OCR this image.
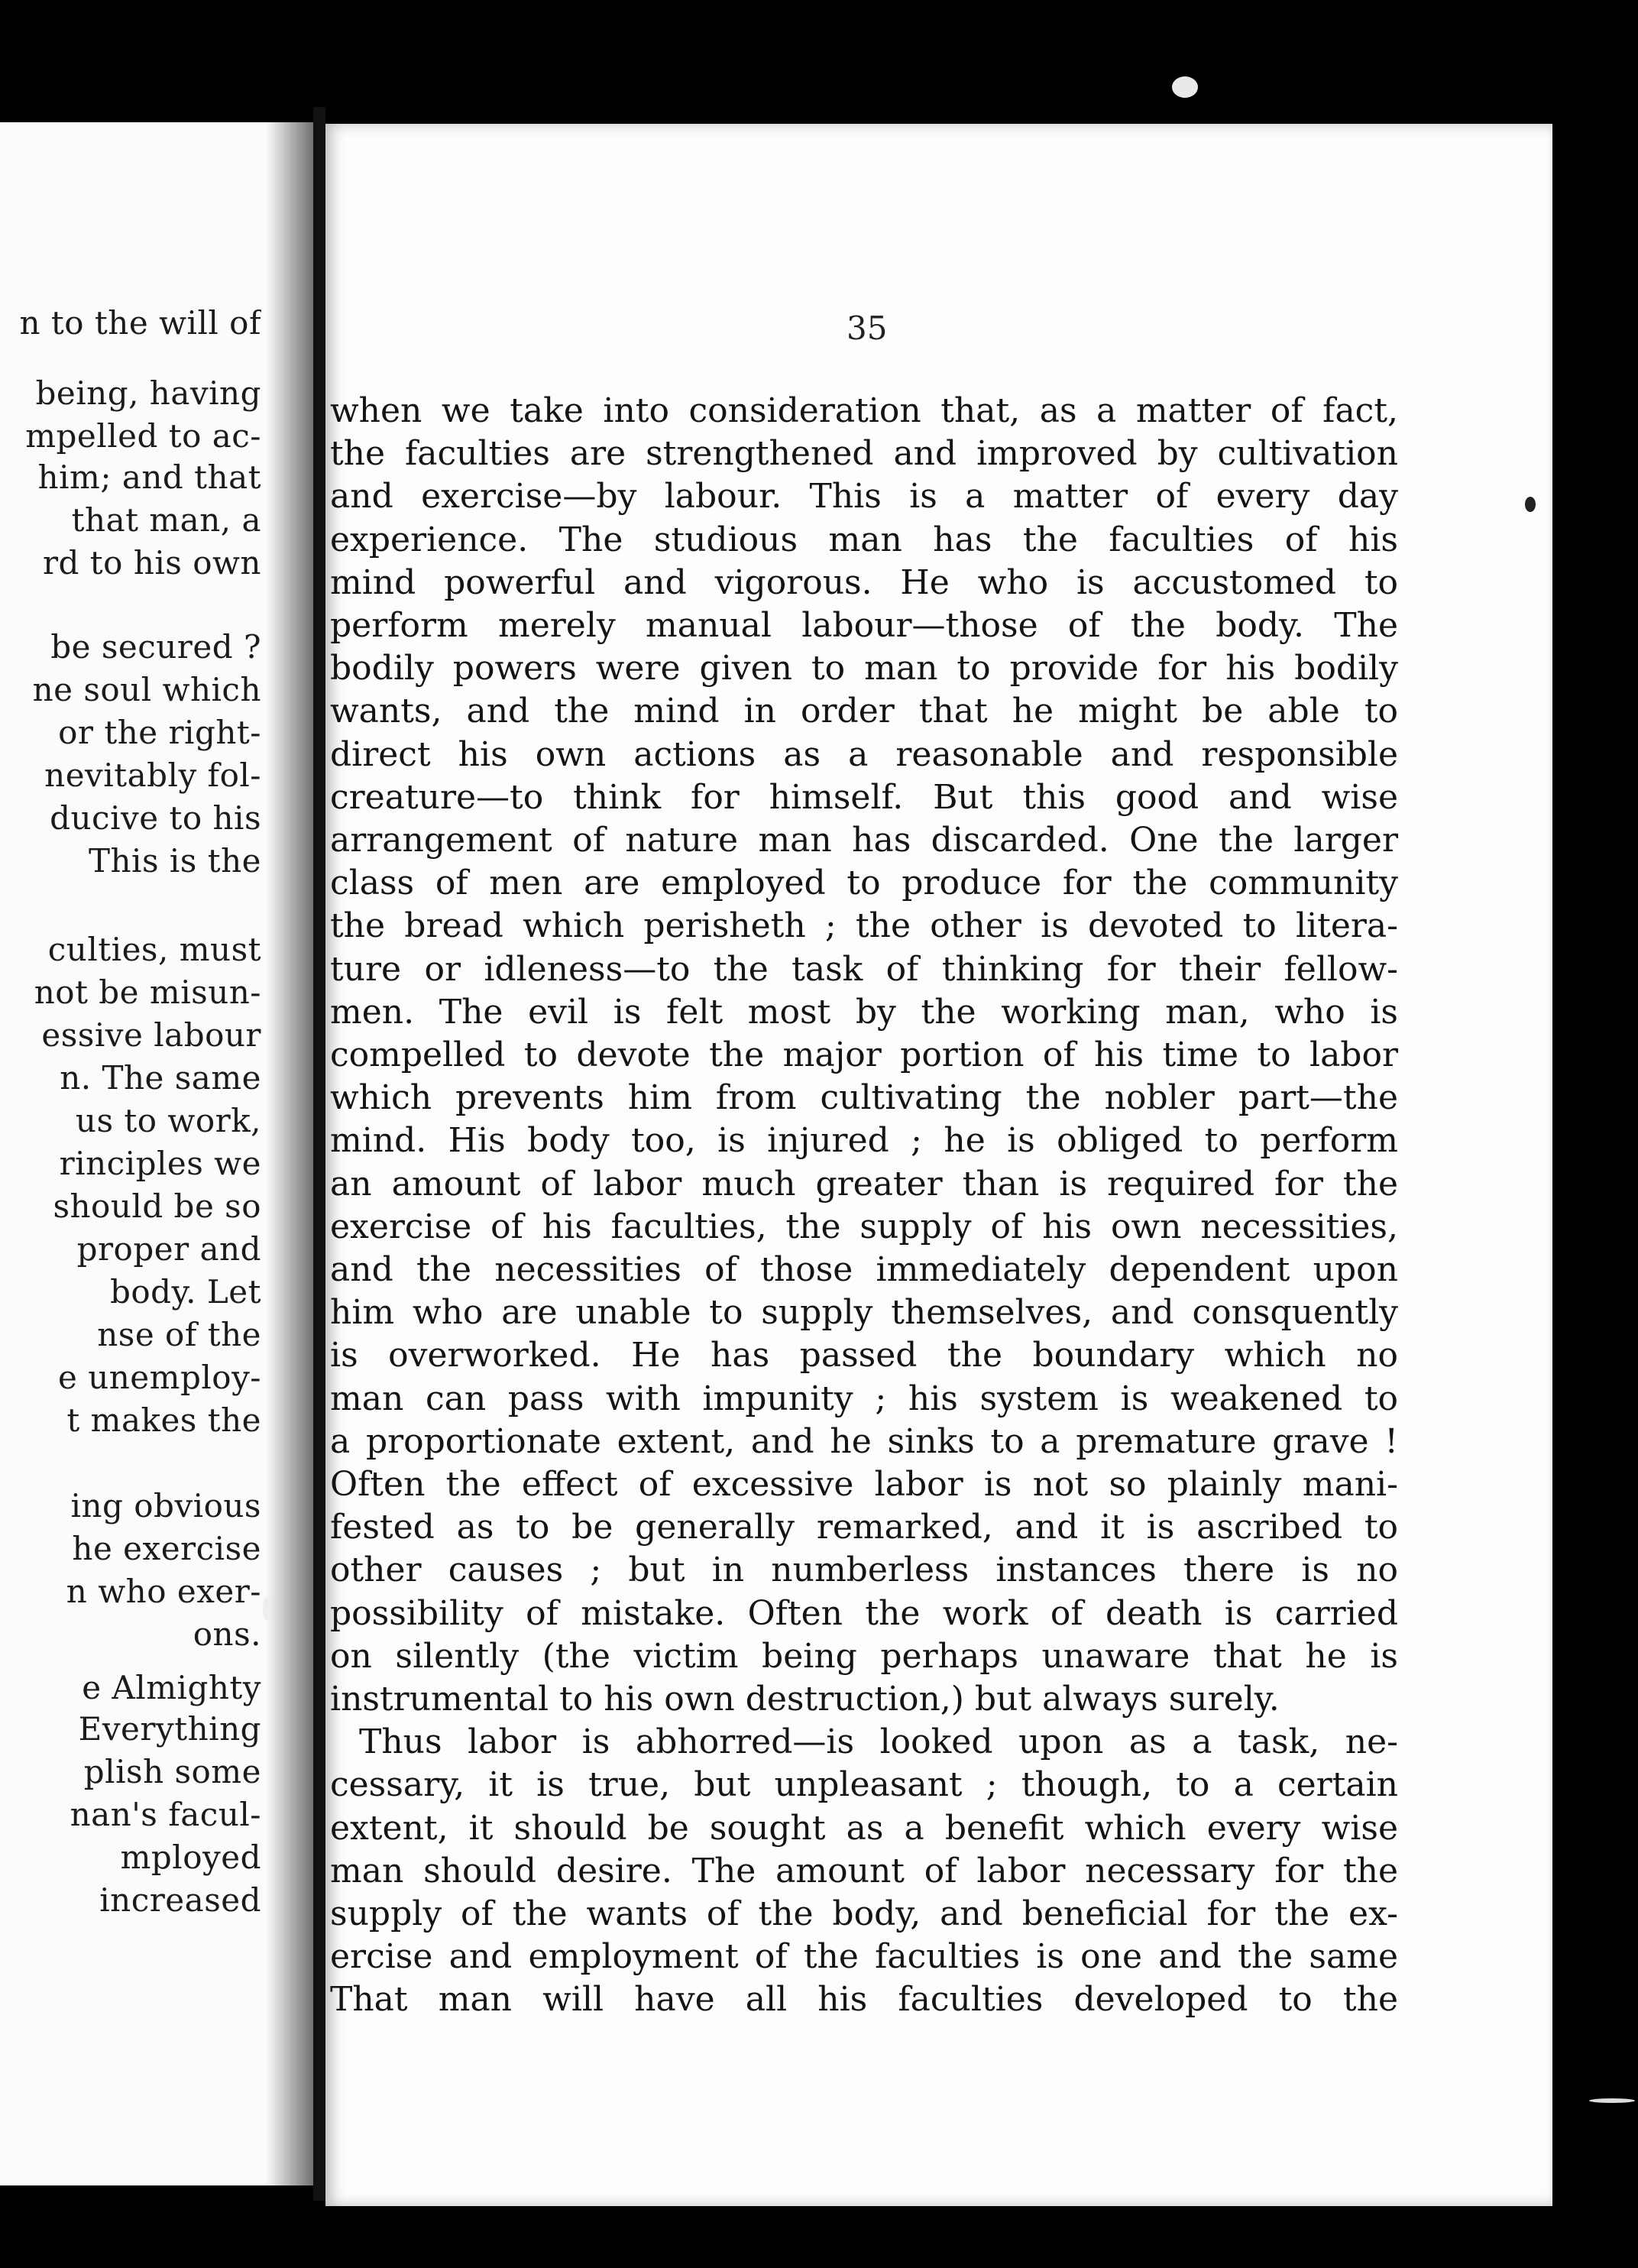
n to the will of
being, having
mpelled to ac-
him; and that
that man, a
rd to his own
be secured ?
ne soul which
or the right-
nevitably fol-
ducive to his
This is the
culties, must
not be misun-
essive labour
n. The same
us to work,
rinciples we
should be so
proper and
body. Let
nse of the
e unemploy-
t makes the
ing obvious
he exercise
n who exer-
ons.
e Almighty
Everything
plish some
nan's facul-
mployed
increased
35
when we take into consideration that, as a matter of fact,
the faculties are strengthened and improved by cultivation
and exercise—by labour. This is a matter of every day
experience. The studious man has the faculties of his
mind powerful and vigorous. He who is accustomed to
perform merely manual labour—those of the body. The
bodily powers were given to man to provide for his bodily
wants, and the mind in order that he might be able to
direct his own actions as a reasonable and responsible
creature—to think for himself. But this good and wise
arrangement of nature man has discarded. One the larger
class of men are employed to produce for the community
the bread which perisheth ; the other is devoted to litera-
ture or idleness—to the task of thinking for their fellow-
men. The evil is felt most by the working man, who is
compelled to devote the major portion of his time to labor
which prevents him from cultivating the nobler part—the
mind. His body too, is injured ; he is obliged to perform
an amount of labor much greater than is required for the
exercise of his faculties, the supply of his own necessities,
and the necessities of those immediately dependent upon
him who are unable to supply themselves, and consquently
is overworked. He has passed the boundary which no
man can pass with impunity ; his system is weakened to
a proportionate extent, and he sinks to a premature grave !
Often the effect of excessive labor is not so plainly mani-
fested as to be generally remarked, and it is ascribed to
other causes ; but in numberless instances there is no
possibility of mistake. Often the work of death is carried
on silently (the victim being perhaps unaware that he is
instrumental to his own destruction,) but always surely.
Thus labor is abhorred—is looked upon as a task, ne-
cessary, it is true, but unpleasant ; though, to a certain
extent, it should be sought as a benefit which every wise
man should desire. The amount of labor necessary for the
supply of the wants of the body, and beneficial for the ex-
ercise and employment of the faculties is one and the same
That man will have all his faculties developed to the
